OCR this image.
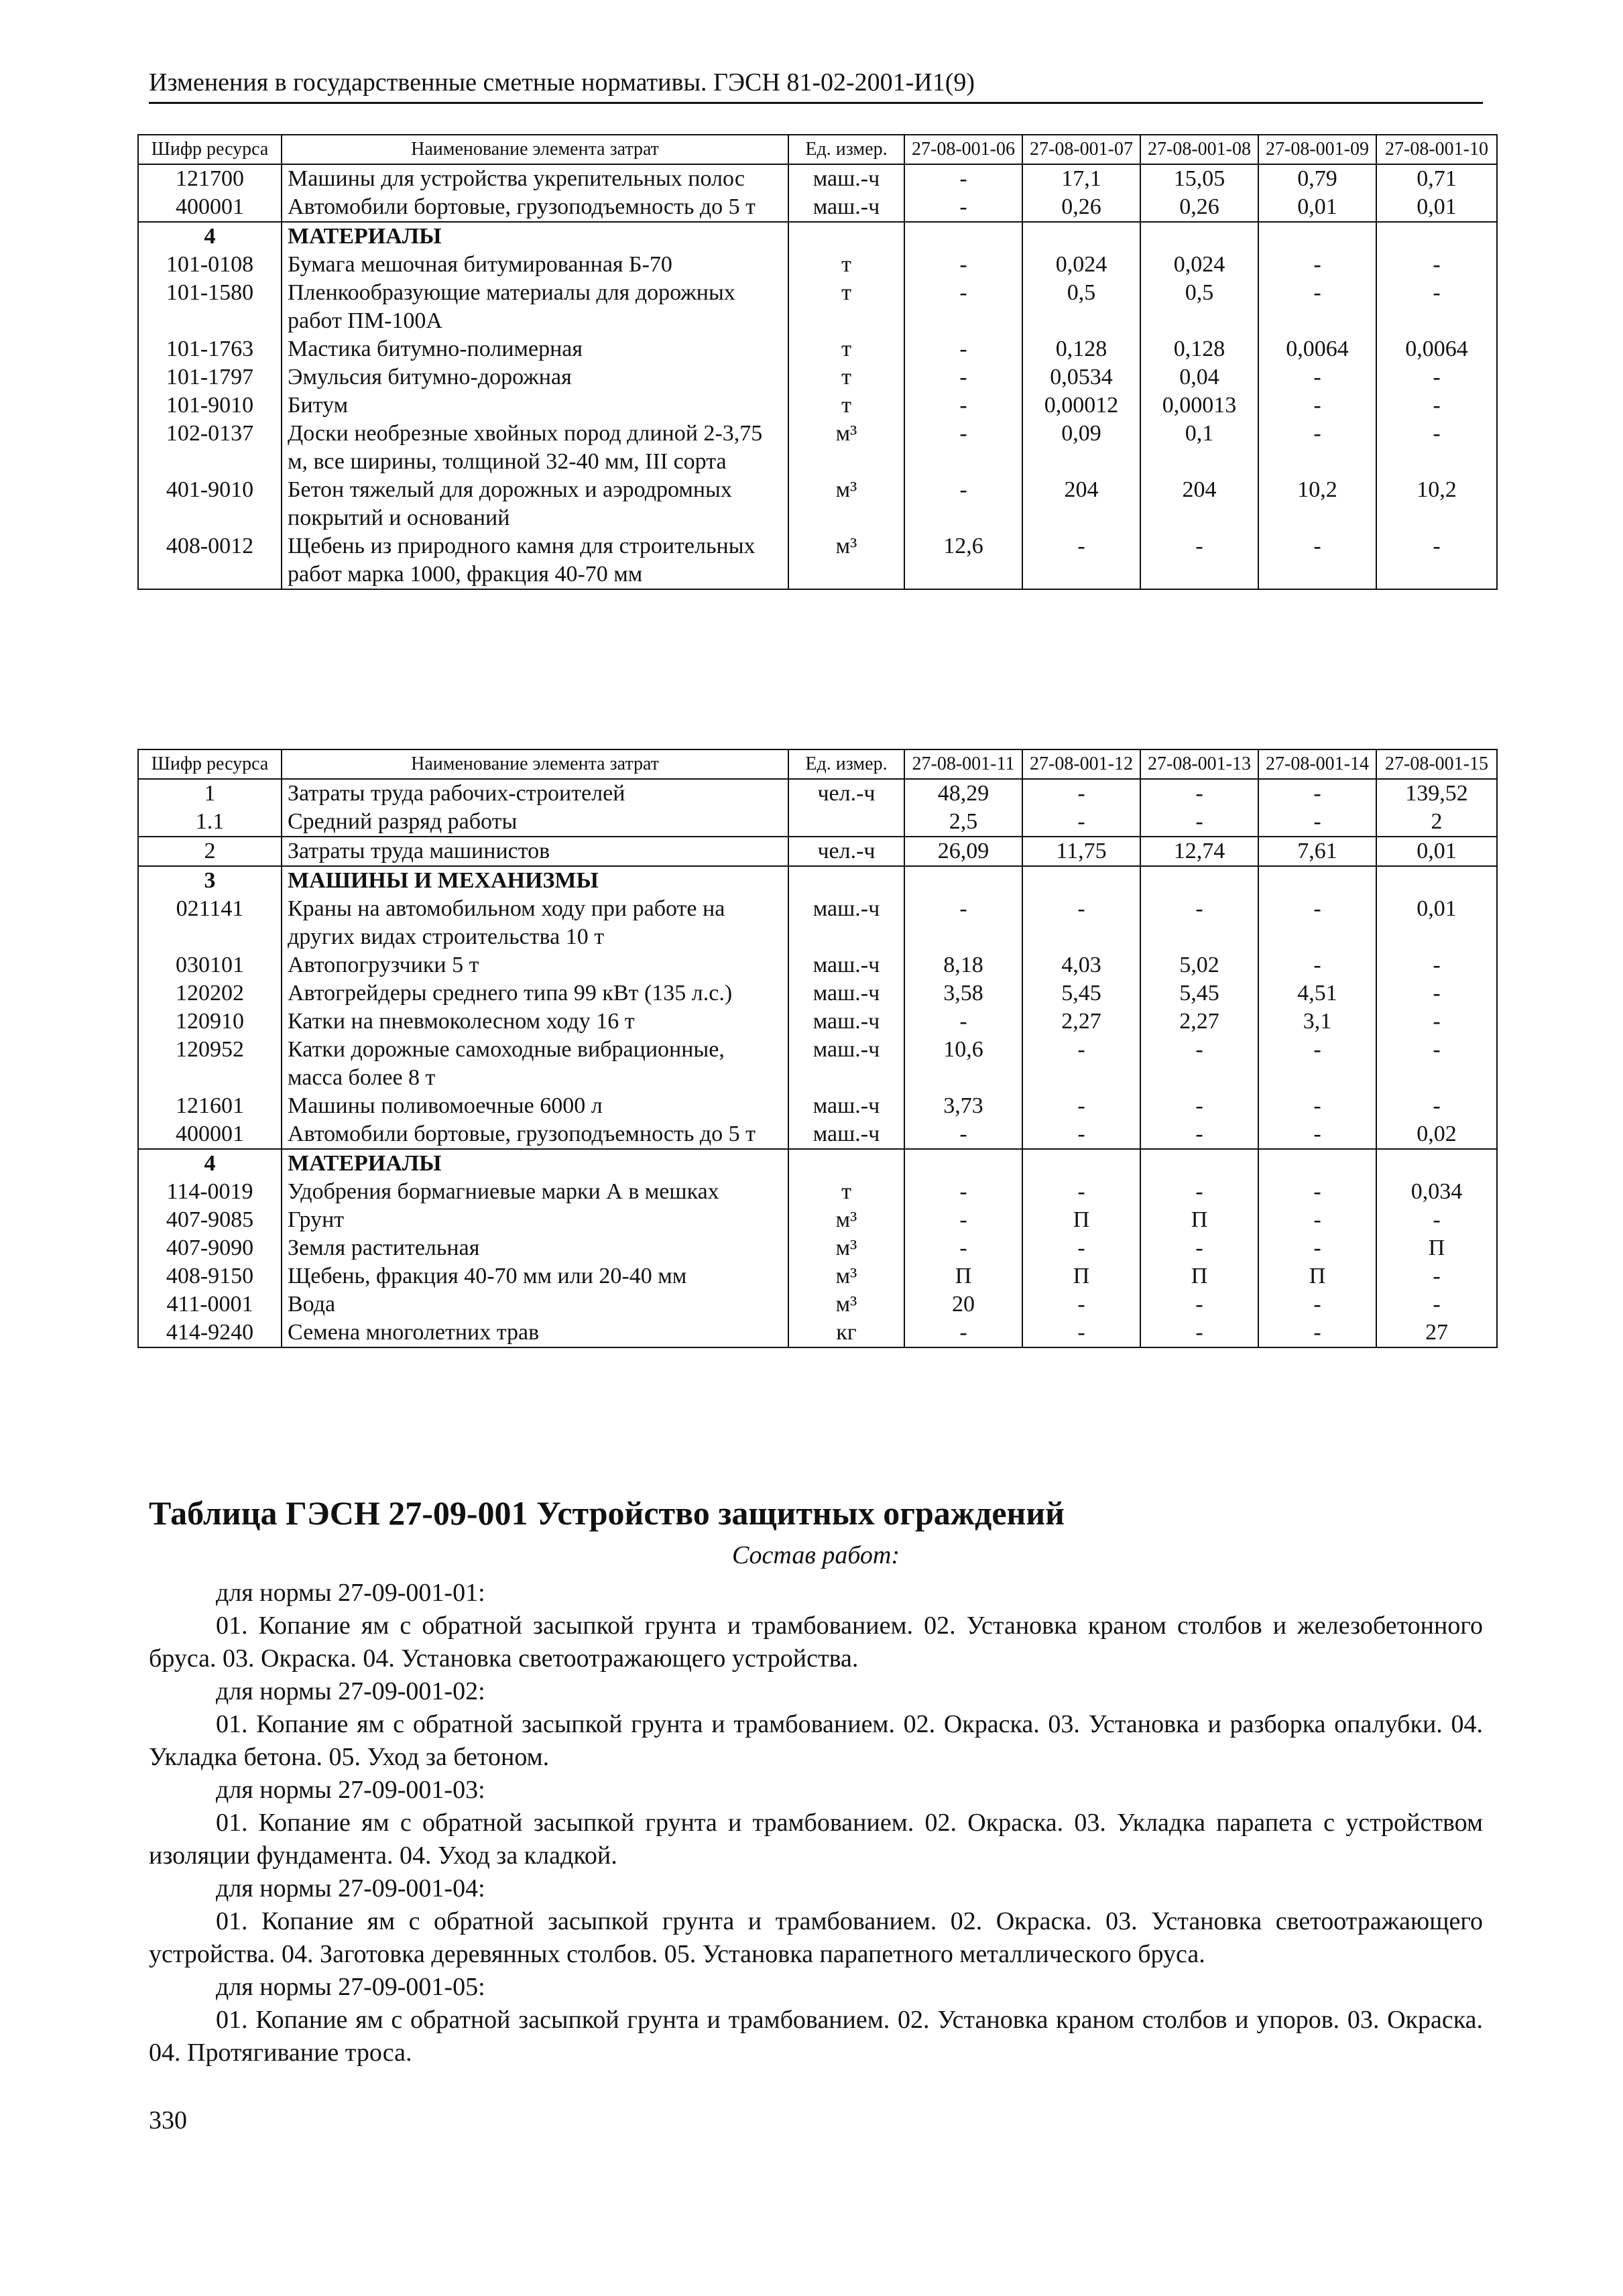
Изменения в государственные сметные нормативы. ГЭСН 81-02-2001-И1(9)
Шифр ресурса	Наименование элемента затрат	Ед. измер.	27-08-001-06	27-08-001-07	27-08-001-08	27-08-001-09	27-08-001-10
121700	Машины для устройства укрепительных полос	маш.-ч	-	17,1	15,05	0,79	0,71
400001	Автомобили бортовые, грузоподъемность до 5 т	маш.-ч	-	0,26	0,26	0,01	0,01
4	МАТЕРИАЛЫ						
101-0108	Бумага мешочная битумированная Б-70	т	-	0,024	0,024	-	-
101-1580	Пленкообразующие материалы для дорожных работ ПМ-100А	т	-	0,5	0,5	-	-
101-1763	Мастика битумно-полимерная	т	-	0,128	0,128	0,0064	0,0064
101-1797	Эмульсия битумно-дорожная	т	-	0,0534	0,04	-	-
101-9010	Битум	т	-	0,00012	0,00013	-	-
102-0137	Доски необрезные хвойных пород длиной 2-3,75 м, все ширины, толщиной 32-40 мм, III сорта	м³	-	0,09	0,1	-	-
401-9010	Бетон тяжелый для дорожных и аэродромных покрытий и оснований	м³	-	204	204	10,2	10,2
408-0012	Щебень из природного камня для строительных работ марка 1000, фракция 40-70 мм	м³	12,6	-	-	-	-
Шифр ресурса	Наименование элемента затрат	Ед. измер.	27-08-001-11	27-08-001-12	27-08-001-13	27-08-001-14	27-08-001-15
1	Затраты труда рабочих-строителей	чел.-ч	48,29	-	-	-	139,52
1.1	Средний разряд работы		2,5	-	-	-	2
2	Затраты труда машинистов	чел.-ч	26,09	11,75	12,74	7,61	0,01
3	МАШИНЫ И МЕХАНИЗМЫ						
021141	Краны на автомобильном ходу при работе на других видах строительства 10 т	маш.-ч	-	-	-	-	0,01
030101	Автопогрузчики 5 т	маш.-ч	8,18	4,03	5,02	-	-
120202	Автогрейдеры среднего типа 99 кВт (135 л.с.)	маш.-ч	3,58	5,45	5,45	4,51	-
120910	Катки на пневмоколесном ходу 16 т	маш.-ч	-	2,27	2,27	3,1	-
120952	Катки дорожные самоходные вибрационные, масса более 8 т	маш.-ч	10,6	-	-	-	-
121601	Машины поливомоечные 6000 л	маш.-ч	3,73	-	-	-	-
400001	Автомобили бортовые, грузоподъемность до 5 т	маш.-ч	-	-	-	-	0,02
4	МАТЕРИАЛЫ						
114-0019	Удобрения бормагниевые марки А в мешках	т	-	-	-	-	0,034
407-9085	Грунт	м³	-	П	П	-	-
407-9090	Земля растительная	м³	-	-	-	-	П
408-9150	Щебень, фракция 40-70 мм или 20-40 мм	м³	П	П	П	П	-
411-0001	Вода	м³	20	-	-	-	-
414-9240	Семена многолетних трав	кг	-	-	-	-	27
Таблица ГЭСН 27-09-001 Устройство защитных ограждений
Состав работ:
для нормы 27-09-001-01:
01. Копание ям с обратной засыпкой грунта и трамбованием. 02. Установка краном столбов и железобетонного бруса. 03. Окраска. 04. Установка светоотражающего устройства.
для нормы 27-09-001-02:
01. Копание ям с обратной засыпкой грунта и трамбованием. 02. Окраска. 03. Установка и разборка опалубки. 04. Укладка бетона. 05. Уход за бетоном.
для нормы 27-09-001-03:
01. Копание ям с обратной засыпкой грунта и трамбованием. 02. Окраска. 03. Укладка парапета с устройством изоляции фундамента. 04. Уход за кладкой.
для нормы 27-09-001-04:
01. Копание ям с обратной засыпкой грунта и трамбованием. 02. Окраска. 03. Установка светоотражающего устройства. 04. Заготовка деревянных столбов. 05. Установка парапетного металлического бруса.
для нормы 27-09-001-05:
01. Копание ям с обратной засыпкой грунта и трамбованием. 02. Установка краном столбов и упоров. 03. Окраска. 04. Протягивание троса.
330
